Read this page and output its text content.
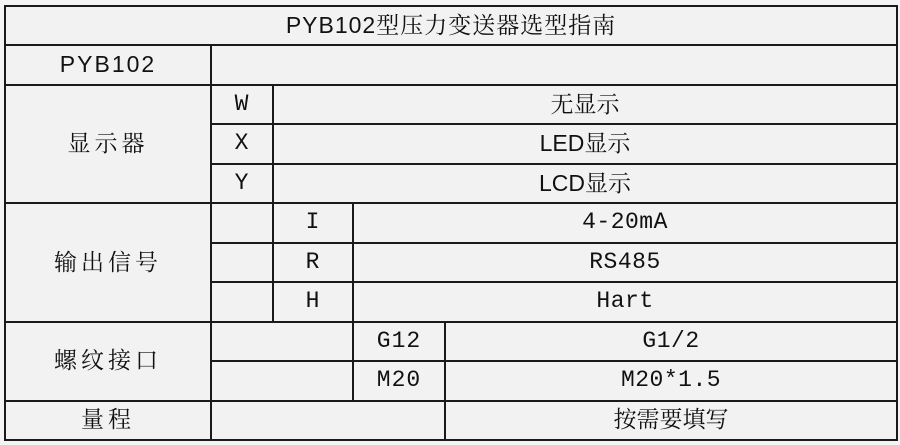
PYB102型压力变送器选型指南				
PYB102				
显示器	W	无显示		
	X	LED显示		
	Y	LCD显示		
输出信号		I	4-20mA	
		R	RS485	
		H	Hart	
螺纹接口			G12	G1/2
			M20	M20*1.5
量程				按需要填写
